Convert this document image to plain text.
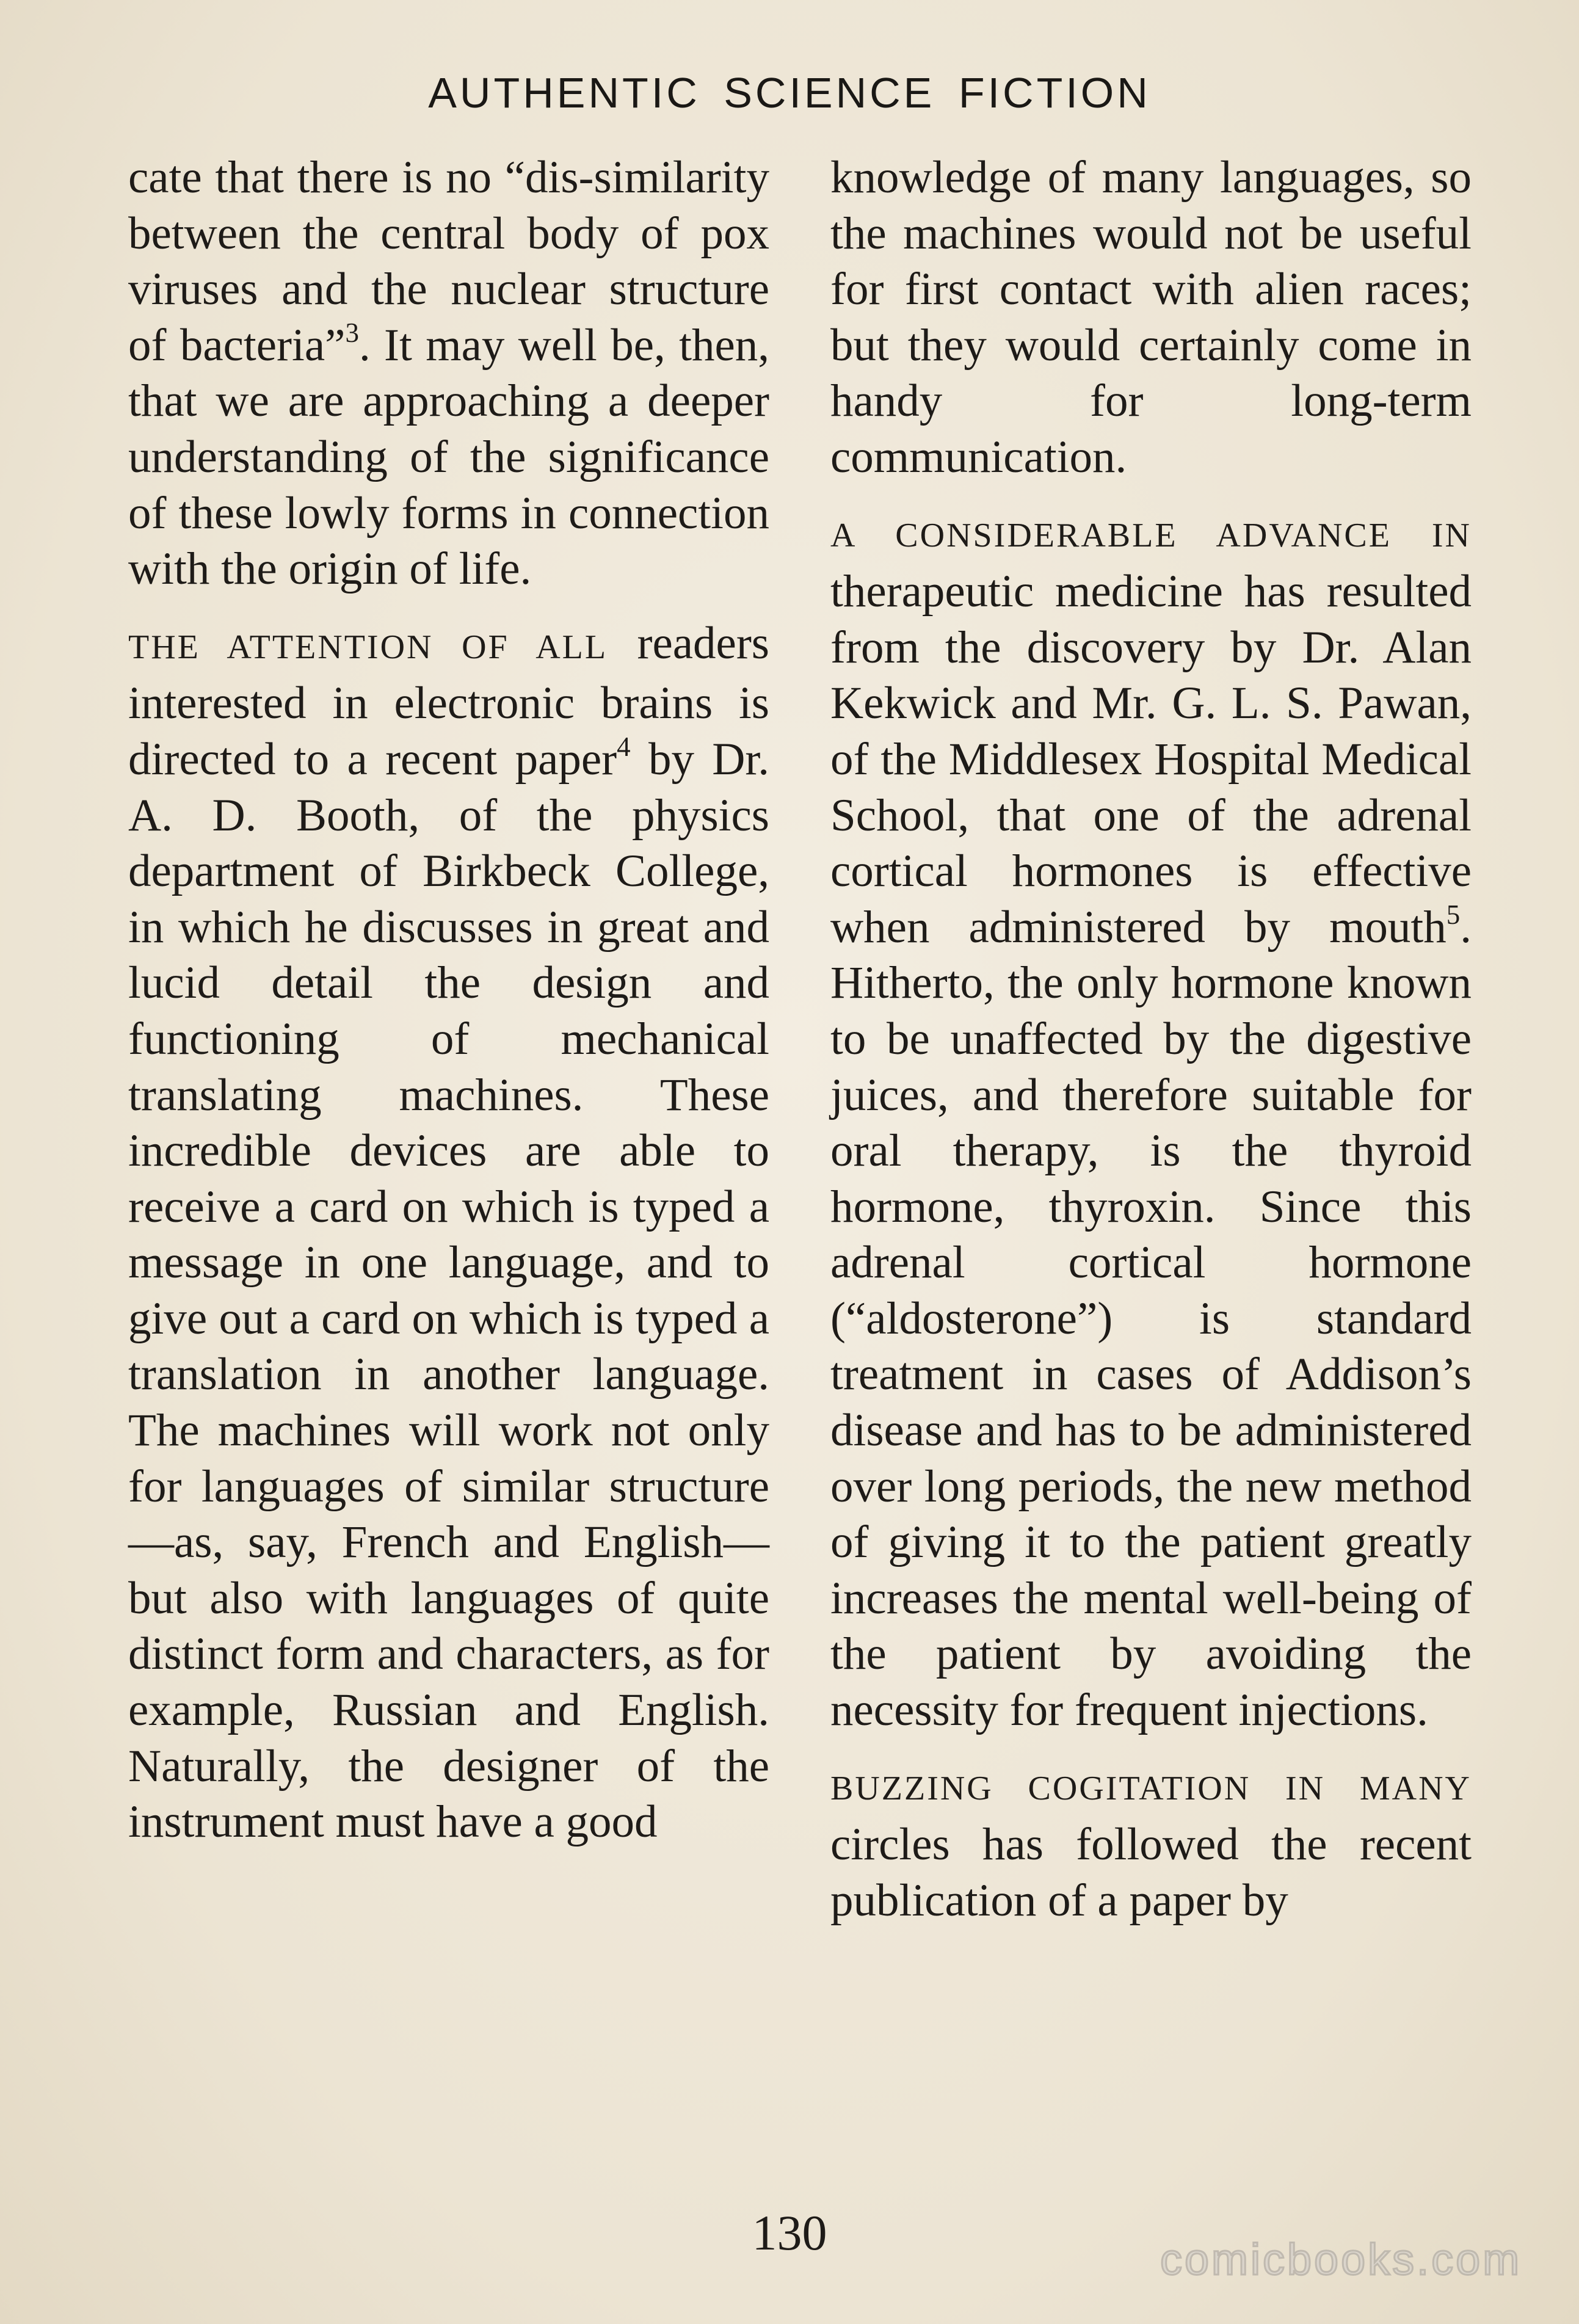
AUTHENTIC SCIENCE FICTION

cate that there is no “dis-similarity between the central body of pox viruses and the nuclear structure of bacteria”$^3$. It may well be, then, that we are approaching a deeper understanding of the significance of these lowly forms in connection with the origin of life.

THE ATTENTION OF ALL readers interested in electronic brains is directed to a recent paper$^4$ by Dr. A. D. Booth, of the physics department of Birkbeck College, in which he discusses in great and lucid detail the design and functioning of mechanical translating machines. These incredible devices are able to receive a card on which is typed a message in one language, and to give out a card on which is typed a translation in another language. The machines will work not only for languages of similar structure—as, say, French and English—but also with languages of quite distinct form and characters, as for example, Russian and English. Naturally, the designer of the instrument must have a good

knowledge of many languages, so the machines would not be useful for first contact with alien races; but they would certainly come in handy for long-term communication.

A CONSIDERABLE ADVANCE IN therapeutic medicine has resulted from the discovery by Dr. Alan Kekwick and Mr. G. L. S. Pawan, of the Middlesex Hospital Medical School, that one of the adrenal cortical hormones is effective when administered by mouth$^5$. Hitherto, the only hormone known to be unaffected by the digestive juices, and therefore suitable for oral therapy, is the thyroid hormone, thyroxin. Since this adrenal cortical hormone (“aldosterone”) is standard treatment in cases of Addison’s disease and has to be administered over long periods, the new method of giving it to the patient greatly increases the mental well-being of the patient by avoiding the necessity for frequent injections.

BUZZING COGITATION IN MANY circles has followed the recent publication of a paper by

130	comicbooks.com
